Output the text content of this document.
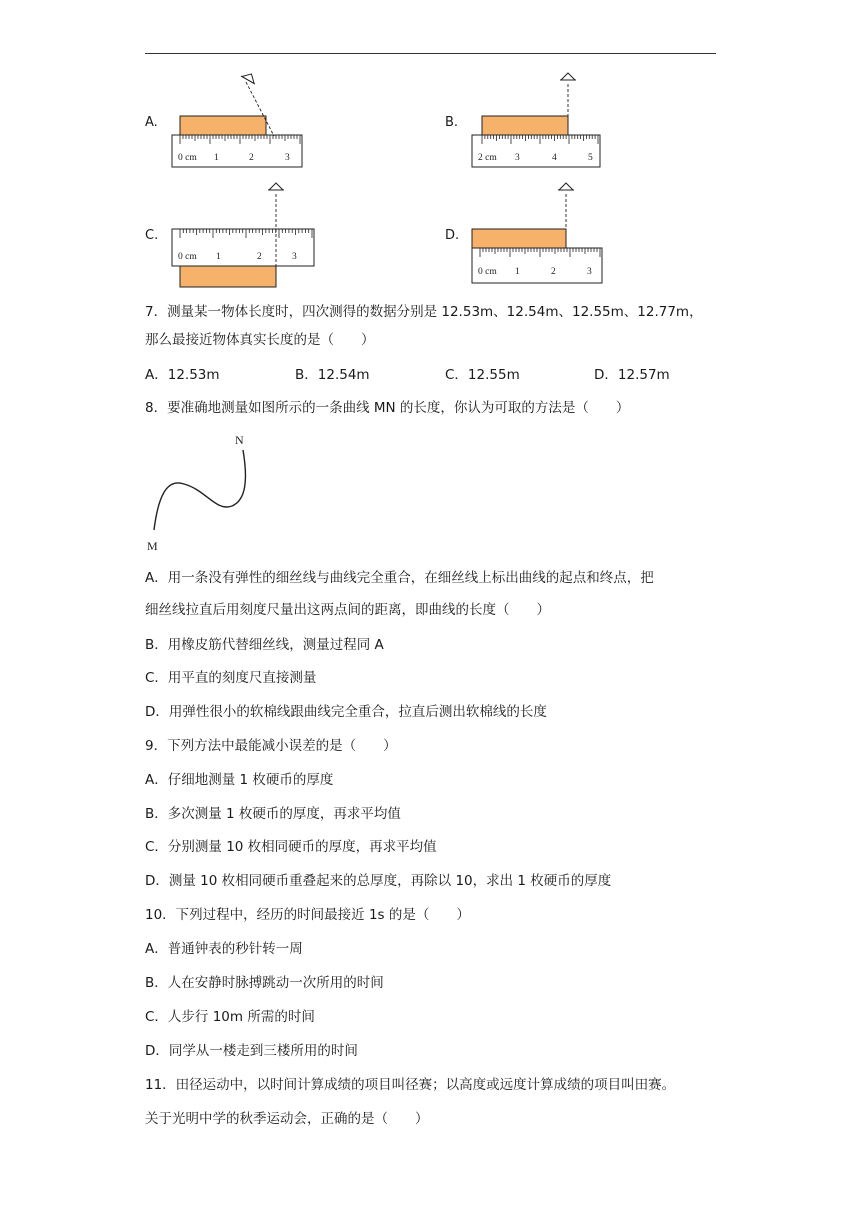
A.
0 cm 1	2	3
B.
2 cm 3	4	5
C.
0 cm 1	2	3
D.
0 cm 1	2	3
7．测量某一物体长度时，四次测得的数据分别是 12.53m、12.54m、12.55m、12.77m，
那么最接近物体真实长度的是（　　）
A．12.53m	B．12.54m	C．12.55m	D．12.57m
8．要准确地测量如图所示的一条曲线 MN 的长度，你认为可取的方法是（　　）
N
M
A．用一条没有弹性的细丝线与曲线完全重合，在细丝线上标出曲线的起点和终点，把
细丝线拉直后用刻度尺量出这两点间的距离，即曲线的长度（　　）
B．用橡皮筋代替细丝线，测量过程同 A
C．用平直的刻度尺直接测量
D．用弹性很小的软棉线跟曲线完全重合，拉直后测出软棉线的长度
9．下列方法中最能减小误差的是（　　）
A．仔细地测量 1 枚硬币的厚度
B．多次测量 1 枚硬币的厚度，再求平均值
C．分别测量 10 枚相同硬币的厚度，再求平均值
D．测量 10 枚相同硬币重叠起来的总厚度，再除以 10，求出 1 枚硬币的厚度
10．下列过程中，经历的时间最接近 1s 的是（　　）
A．普通钟表的秒针转一周
B．人在安静时脉搏跳动一次所用的时间
C．人步行 10m 所需的时间
D．同学从一楼走到三楼所用的时间
11．田径运动中，以时间计算成绩的项目叫径赛；以高度或远度计算成绩的项目叫田赛。
关于光明中学的秋季运动会，正确的是（　　）
